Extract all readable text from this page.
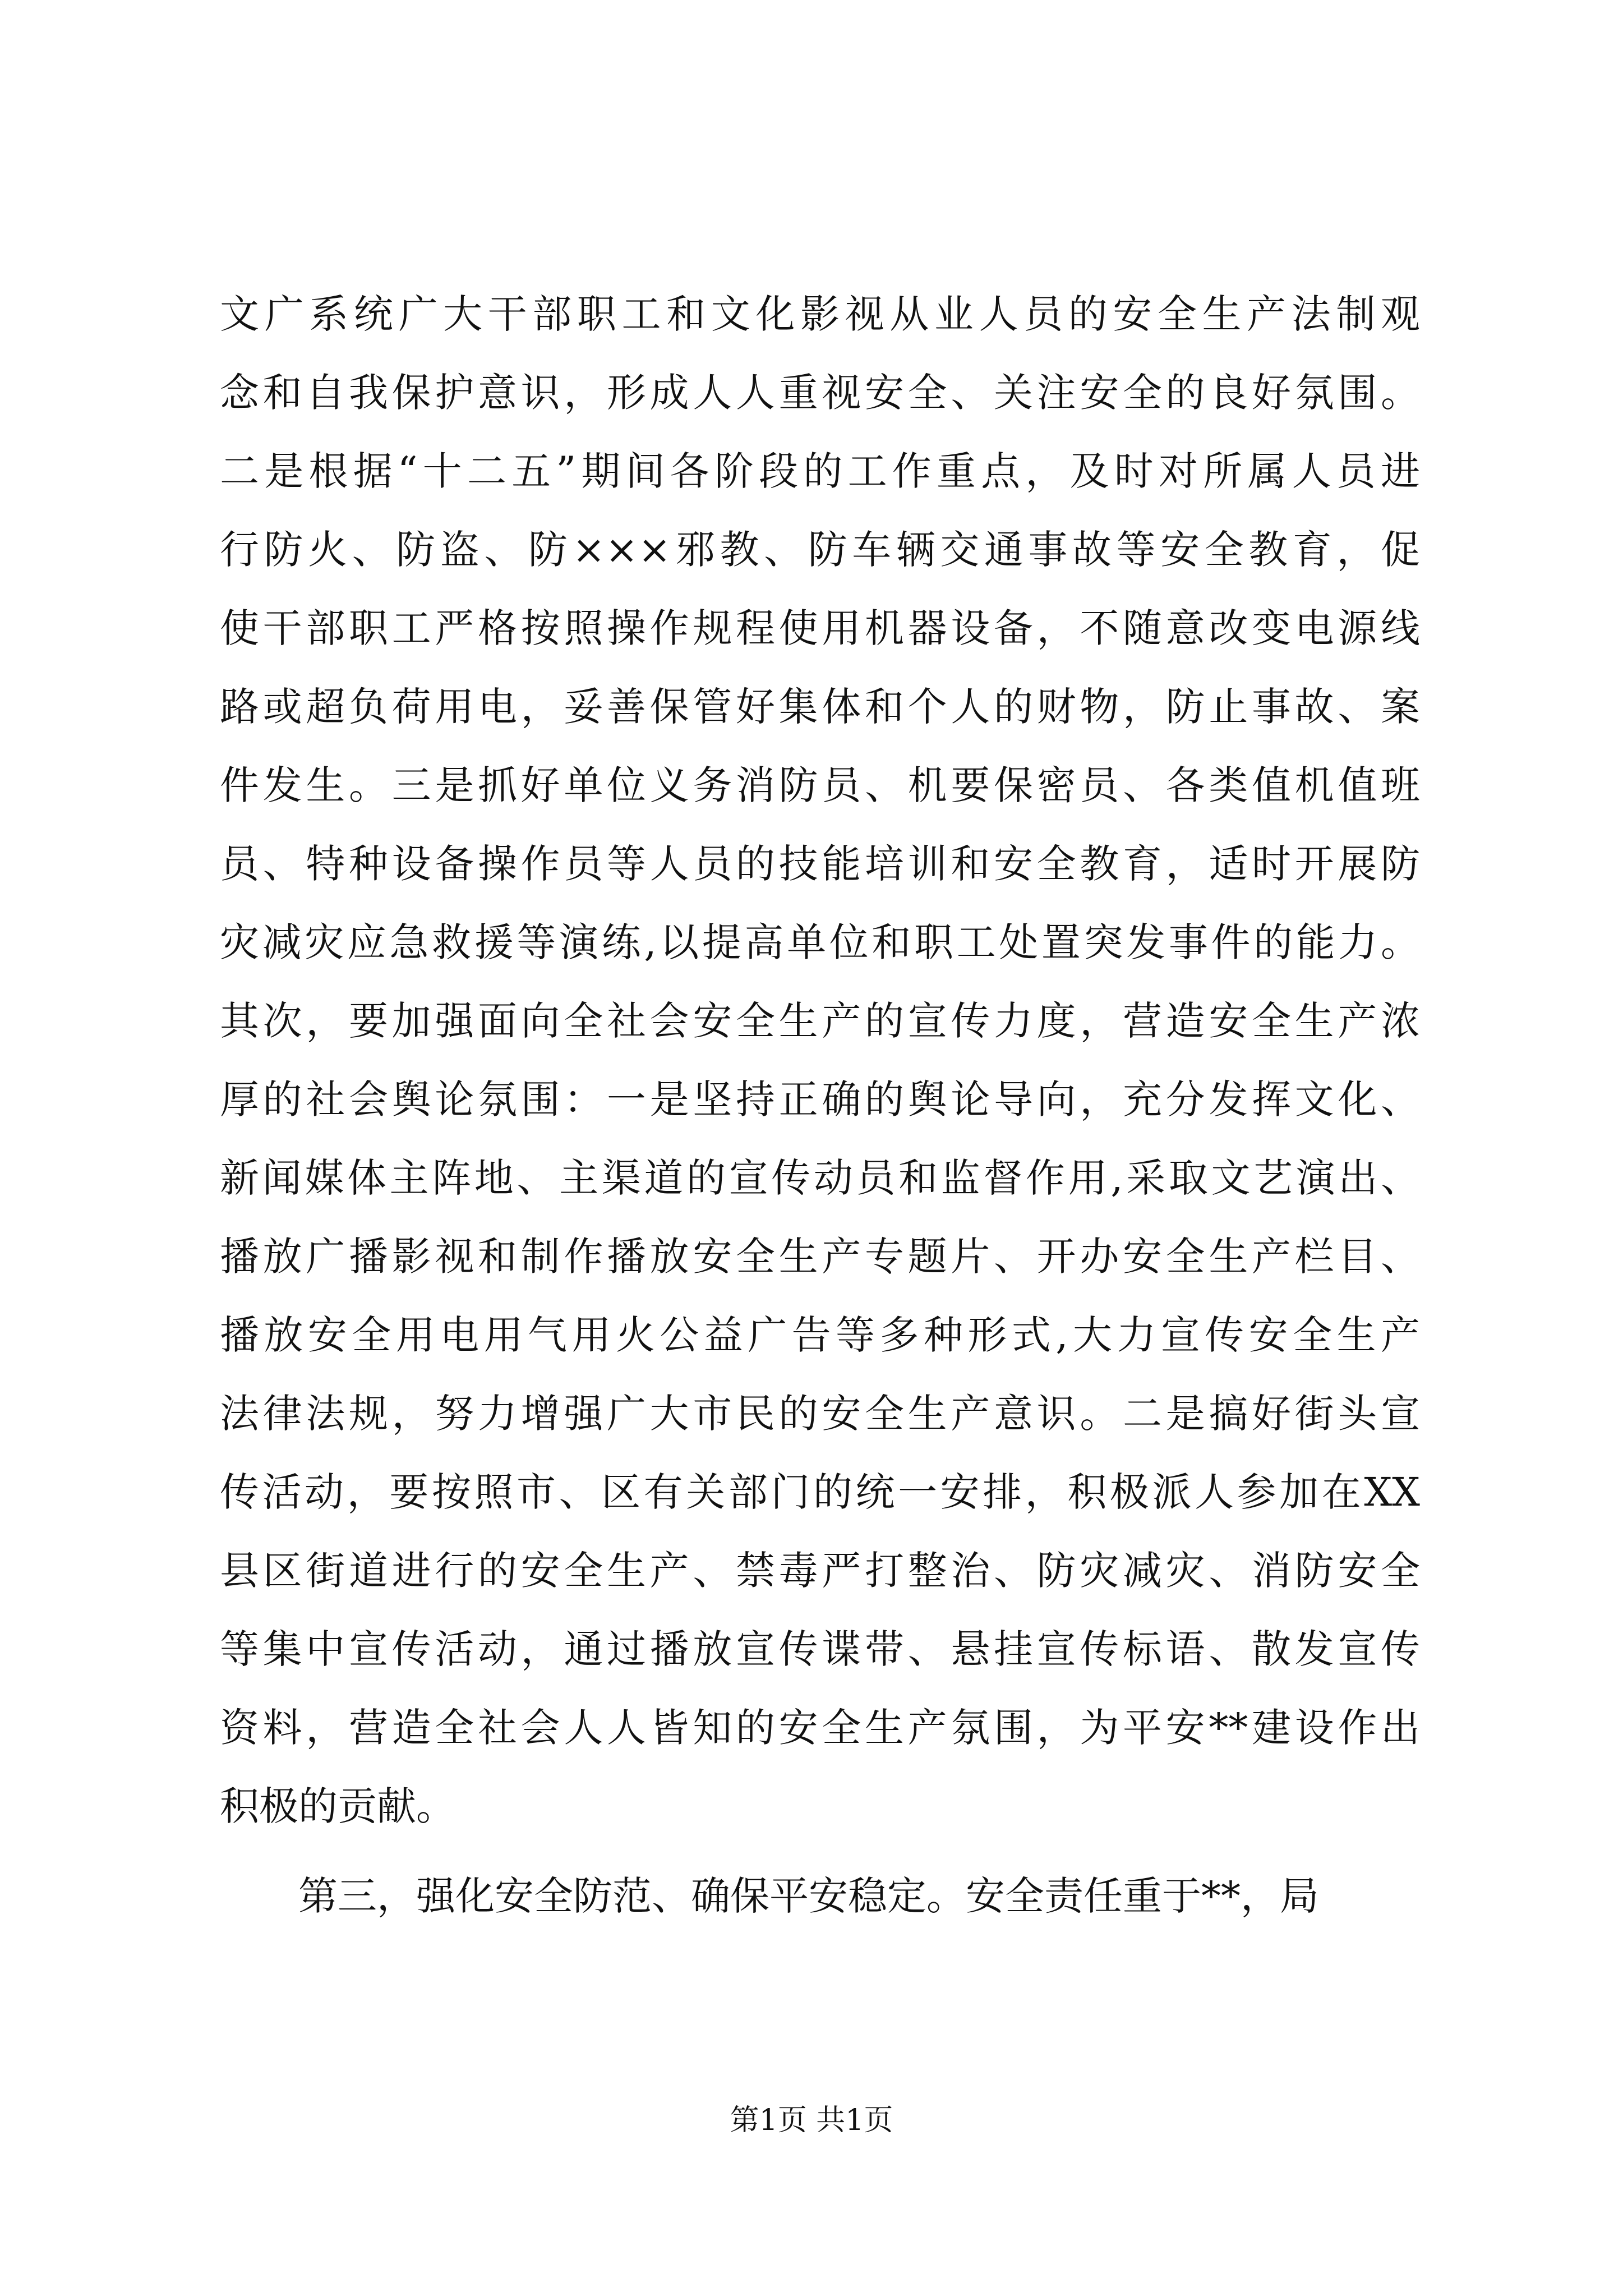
文广系统广大干部职工和文化影视从业人员的安全生产法制观
念和自我保护意识，形成人人重视安全、关注安全的良好氛围。
二是根据“十二五”期间各阶段的工作重点，及时对所属人员进
行防火、防盗、防×××邪教、防车辆交通事故等安全教育，促
使干部职工严格按照操作规程使用机器设备，不随意改变电源线
路或超负荷用电，妥善保管好集体和个人的财物，防止事故、案
件发生。三是抓好单位义务消防员、机要保密员、各类值机值班
员、特种设备操作员等人员的技能培训和安全教育，适时开展防
灾减灾应急救援等演练,以提高单位和职工处置突发事件的能力。
其次，要加强面向全社会安全生产的宣传力度，营造安全生产浓
厚的社会舆论氛围：一是坚持正确的舆论导向，充分发挥文化、
新闻媒体主阵地、主渠道的宣传动员和监督作用,采取文艺演出、
播放广播影视和制作播放安全生产专题片、开办安全生产栏目、
播放安全用电用气用火公益广告等多种形式,大力宣传安全生产
法律法规，努力增强广大市民的安全生产意识。二是搞好街头宣
传活动，要按照市、区有关部门的统一安排，积极派人参加在XX
县区街道进行的安全生产、禁毒严打整治、防灾减灾、消防安全
等集中宣传活动，通过播放宣传谍带、悬挂宣传标语、散发宣传
资料，营造全社会人人皆知的安全生产氛围，为平安**建设作出
积极的贡献。
第三，强化安全防范、确保平安稳定。安全责任重于**，局
第1页 共1页
